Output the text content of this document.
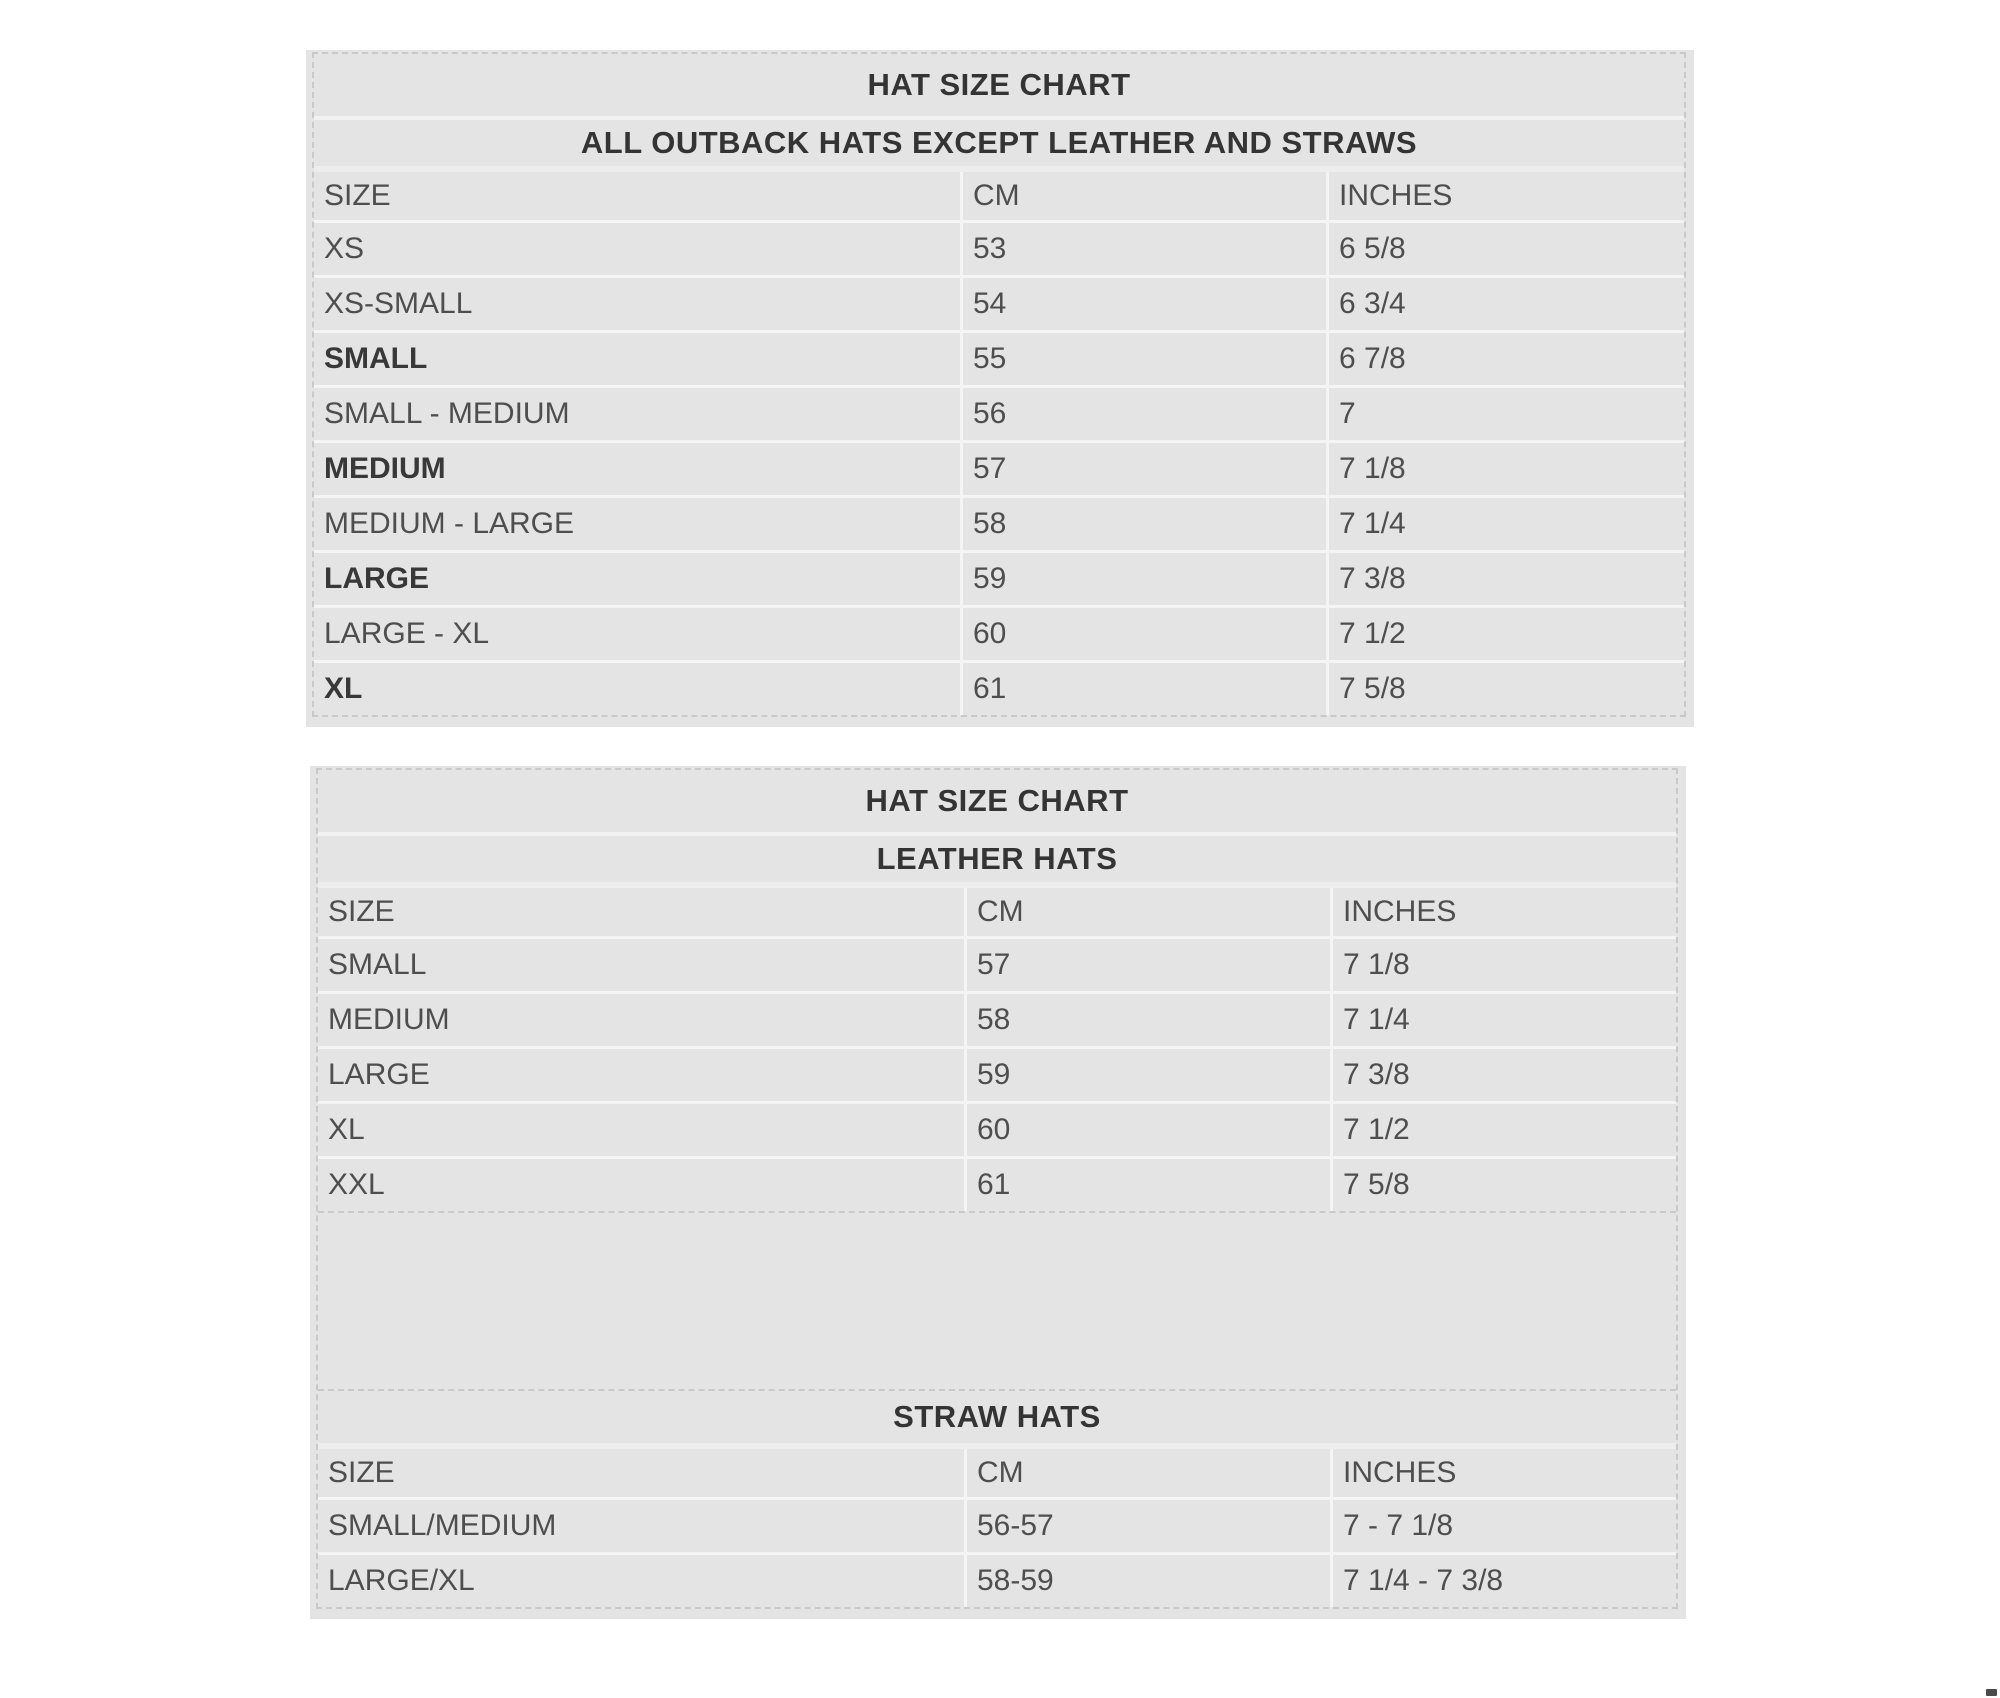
HAT SIZE CHART
ALL OUTBACK HATS EXCEPT LEATHER AND STRAWS
SIZE	CM	INCHES
XS	53	6 5/8
XS-SMALL	54	6 3/4
SMALL	55	6 7/8
SMALL - MEDIUM	56	7
MEDIUM	57	7 1/8
MEDIUM - LARGE	58	7 1/4
LARGE	59	7 3/8
LARGE - XL	60	7 1/2
XL	61	7 5/8
HAT SIZE CHART
LEATHER HATS
SIZE	CM	INCHES
SMALL	57	7 1/8
MEDIUM	58	7 1/4
LARGE	59	7 3/8
XL	60	7 1/2
XXL	61	7 5/8
STRAW HATS
SIZE	CM	INCHES
SMALL/MEDIUM	56-57	7 - 7 1/8
LARGE/XL	58-59	7 1/4 - 7 3/8
